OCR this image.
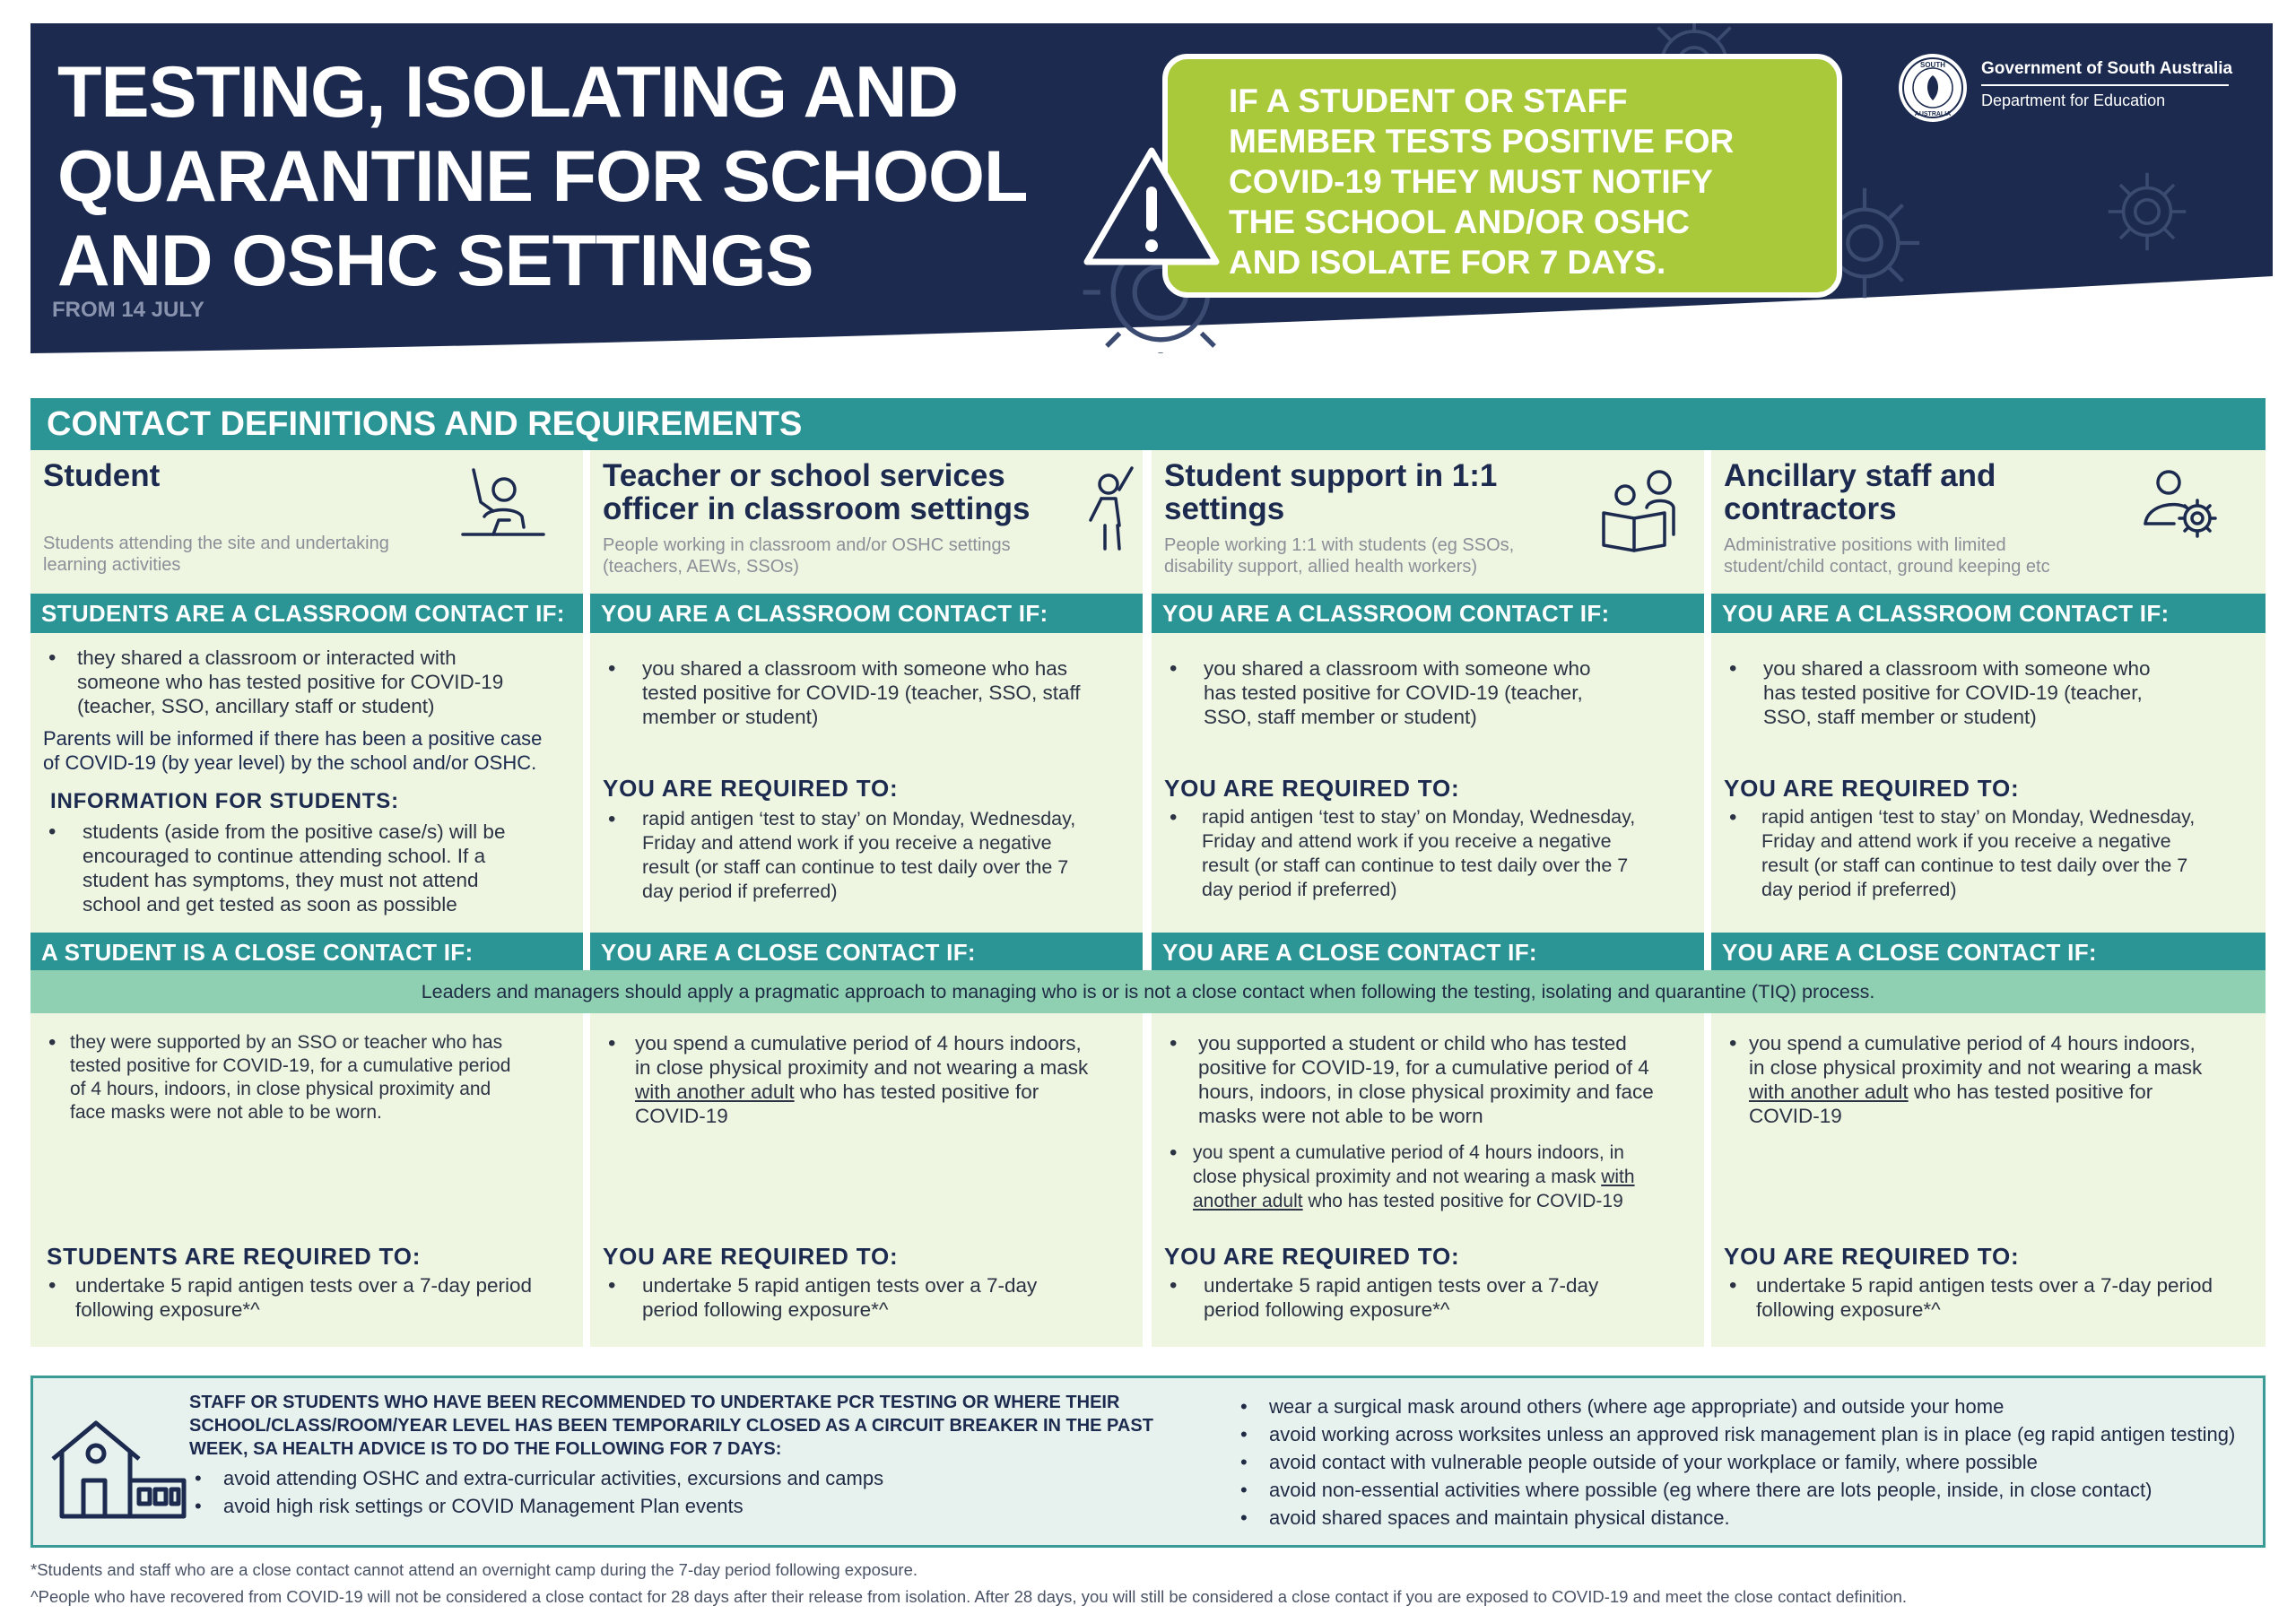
TESTING, ISOLATING AND
QUARANTINE FOR SCHOOL
AND OSHC SETTINGS
FROM 14 JULY
IF A STUDENT OR STAFF
MEMBER TESTS POSITIVE FOR
COVID-19 THEY MUST NOTIFY
THE SCHOOL AND/OR OSHC
AND ISOLATE FOR 7 DAYS.
SOUTH
AUSTRALIA
Government of South Australia
Department for Education
CONTACT DEFINITIONS AND REQUIREMENTS
Student
Students attending the site and undertaking
learning activities
STUDENTS ARE A CLASSROOM CONTACT IF:
• they shared a classroom or interacted with
someone who has tested positive for COVID-19
(teacher, SSO, ancillary staff or student)
Parents will be informed if there has been a positive case
of COVID-19 (by year level) by the school and/or OSHC.
INFORMATION FOR STUDENTS:
• students (aside from the positive case/s) will be
encouraged to continue attending school. If a
student has symptoms, they must not attend
school and get tested as soon as possible
A STUDENT IS A CLOSE CONTACT IF:
• they were supported by an SSO or teacher who has
tested positive for COVID-19, for a cumulative period
of 4 hours, indoors, in close physical proximity and
face masks were not able to be worn.
STUDENTS ARE REQUIRED TO:
• undertake 5 rapid antigen tests over a 7-day period
following exposure*^
Teacher or school services
officer in classroom settings
People working in classroom and/or OSHC settings
(teachers, AEWs, SSOs)
YOU ARE A CLASSROOM CONTACT IF:
• you shared a classroom with someone who has
tested positive for COVID-19 (teacher, SSO, staff
member or student)
YOU ARE REQUIRED TO:
• rapid antigen ‘test to stay’ on Monday, Wednesday,
Friday and attend work if you receive a negative
result (or staff can continue to test daily over the 7
day period if preferred)
YOU ARE A CLOSE CONTACT IF:
• you spend a cumulative period of 4 hours indoors,
in close physical proximity and not wearing a mask
with another adult who has tested positive for
COVID-19
YOU ARE REQUIRED TO:
• undertake 5 rapid antigen tests over a 7-day
period following exposure*^
Student support in 1:1
settings
People working 1:1 with students (eg SSOs,
disability support, allied health workers)
YOU ARE A CLASSROOM CONTACT IF:
• you shared a classroom with someone who
has tested positive for COVID-19 (teacher,
SSO, staff member or student)
YOU ARE REQUIRED TO:
• rapid antigen ‘test to stay’ on Monday, Wednesday,
Friday and attend work if you receive a negative
result (or staff can continue to test daily over the 7
day period if preferred)
YOU ARE A CLOSE CONTACT IF:
• you supported a student or child who has tested
positive for COVID-19, for a cumulative period of 4
hours, indoors, in close physical proximity and face
masks were not able to be worn
• you spent a cumulative period of 4 hours indoors, in
close physical proximity and not wearing a mask with
another adult who has tested positive for COVID-19
YOU ARE REQUIRED TO:
• undertake 5 rapid antigen tests over a 7-day
period following exposure*^
Ancillary staff and
contractors
Administrative positions with limited
student/child contact, ground keeping etc
YOU ARE A CLASSROOM CONTACT IF:
• you shared a classroom with someone who
has tested positive for COVID-19 (teacher,
SSO, staff member or student)
YOU ARE REQUIRED TO:
• rapid antigen ‘test to stay’ on Monday, Wednesday,
Friday and attend work if you receive a negative
result (or staff can continue to test daily over the 7
day period if preferred)
YOU ARE A CLOSE CONTACT IF:
• you spend a cumulative period of 4 hours indoors,
in close physical proximity and not wearing a mask
with another adult who has tested positive for
COVID-19
YOU ARE REQUIRED TO:
• undertake 5 rapid antigen tests over a 7-day period
following exposure*^
Leaders and managers should apply a pragmatic approach to managing who is or is not a close contact when following the testing, isolating and quarantine (TIQ) process.
STAFF OR STUDENTS WHO HAVE BEEN RECOMMENDED TO UNDERTAKE PCR TESTING OR WHERE THEIR
SCHOOL/CLASS/ROOM/YEAR LEVEL HAS BEEN TEMPORARILY CLOSED AS A CIRCUIT BREAKER IN THE PAST
WEEK, SA HEALTH ADVICE IS TO DO THE FOLLOWING FOR 7 DAYS:
• avoid attending OSHC and extra-curricular activities, excursions and camps
• avoid high risk settings or COVID Management Plan events
• wear a surgical mask around others (where age appropriate) and outside your home
• avoid working across worksites unless an approved risk management plan is in place (eg rapid antigen testing)
• avoid contact with vulnerable people outside of your workplace or family, where possible
• avoid non-essential activities where possible (eg where there are lots people, inside, in close contact)
• avoid shared spaces and maintain physical distance.
*Students and staff who are a close contact cannot attend an overnight camp during the 7-day period following exposure.
^People who have recovered from COVID-19 will not be considered a close contact for 28 days after their release from isolation. After 28 days, you will still be considered a close contact if you are exposed to COVID-19 and meet the close contact definition.
